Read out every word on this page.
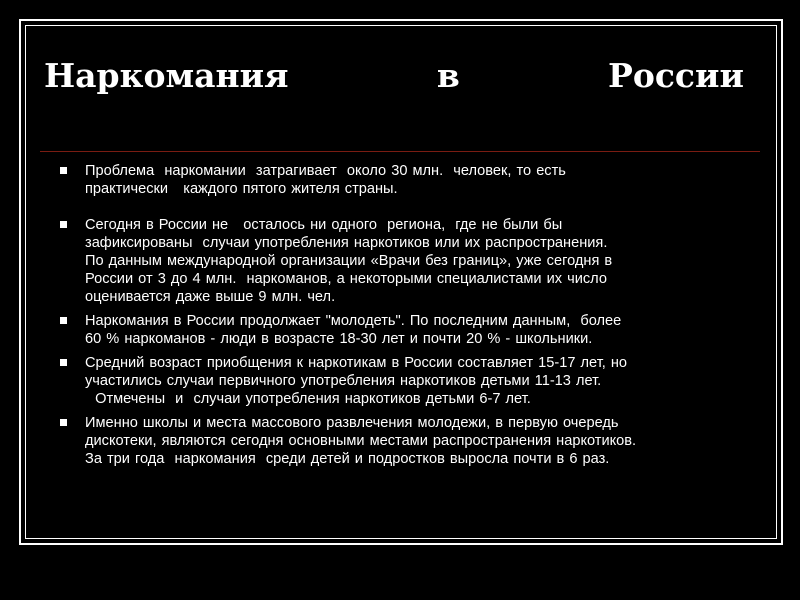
Наркомания	в	России
Проблема  наркомании  затрагивает  около 30 млн.  человек, то есть
практически   каждого пятого жителя страны.
Сегодня в России не   осталось ни одного  региона,  где не были бы
зафиксированы  случаи употребления наркотиков или их распространения.
По данным международной организации «Врачи без границ», уже сегодня в
России от 3 до 4 млн.  наркоманов, а некоторыми специалистами их число
оценивается даже выше 9 млн. чел.
Наркомания в России продолжает "молодеть". По последним данным,  более
60 % наркоманов - люди в возрасте 18-30 лет и почти 20 % - школьники.
Средний возраст приобщения к наркотикам в России составляет 15-17 лет, но
участились случаи первичного употребления наркотиков детьми 11-13 лет.
Отмечены  и  случаи употребления наркотиков детьми 6-7 лет.
Именно школы и места массового развлечения молодежи, в первую очередь
дискотеки, являются сегодня основными местами распространения наркотиков.
За три года  наркомания  среди детей и подростков выросла почти в 6 раз.
